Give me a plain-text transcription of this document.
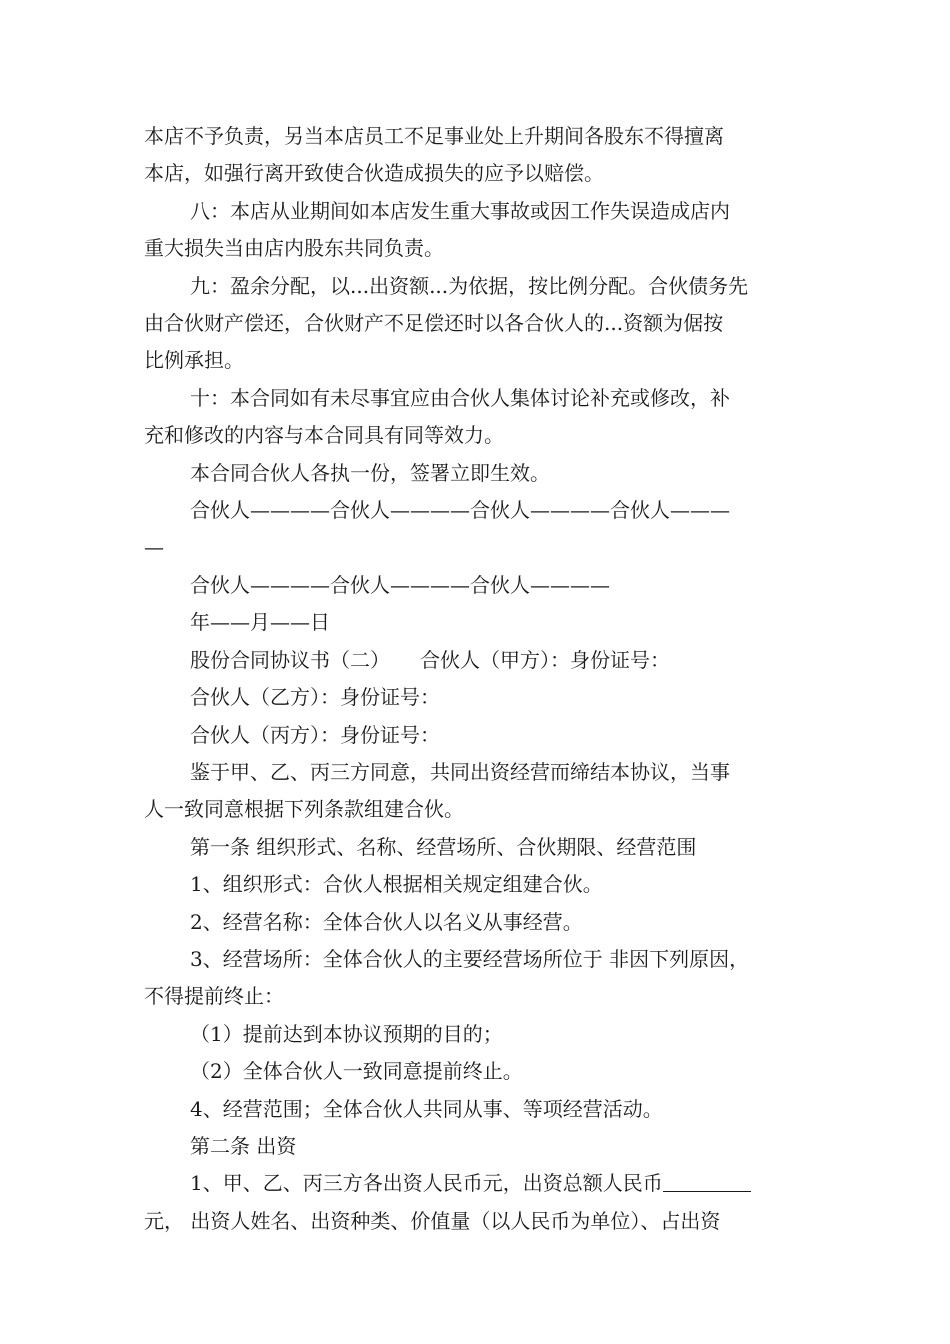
本店不予负责，另当本店员工不足事业处上升期间各股东不得擅离
本店，如强行离开致使合伙造成损失的应予以赔偿。
八：本店从业期间如本店发生重大事故或因工作失误造成店内
重大损失当由店内股东共同负责。
九：盈余分配，以...出资额...为依据，按比例分配。合伙债务先
由合伙财产偿还，合伙财产不足偿还时以各合伙人的...资额为倨按
比例承担。
十：本合同如有未尽事宜应由合伙人集体讨论补充或修改，补
充和修改的内容与本合同具有同等效力。
本合同合伙人各执一份，签署立即生效。
合伙人————合伙人————合伙人————合伙人———
—
合伙人————合伙人————合伙人————
年——月——日
股份合同协议书（二）　　合伙人（甲方）：身份证号：
合伙人（乙方）：身份证号：
合伙人（丙方）：身份证号：
鉴于甲、乙、丙三方同意，共同出资经营而缔结本协议，当事
人一致同意根据下列条款组建合伙。
第一条 组织形式、名称、经营场所、合伙期限、经营范围
1、组织形式：合伙人根据相关规定组建合伙。
2、经营名称：全体合伙人以名义从事经营。
3、经营场所：全体合伙人的主要经营场所位于 非因下列原因，
不得提前终止：
（1）提前达到本协议预期的目的；
（2）全体合伙人一致同意提前终止。
4、经营范围；全体合伙人共同从事、等项经营活动。
第二条 出资
1、甲、乙、丙三方各出资人民币元，出资总额人民币
元， 出资人姓名、出资种类、价值量（以人民币为单位）、占出资
